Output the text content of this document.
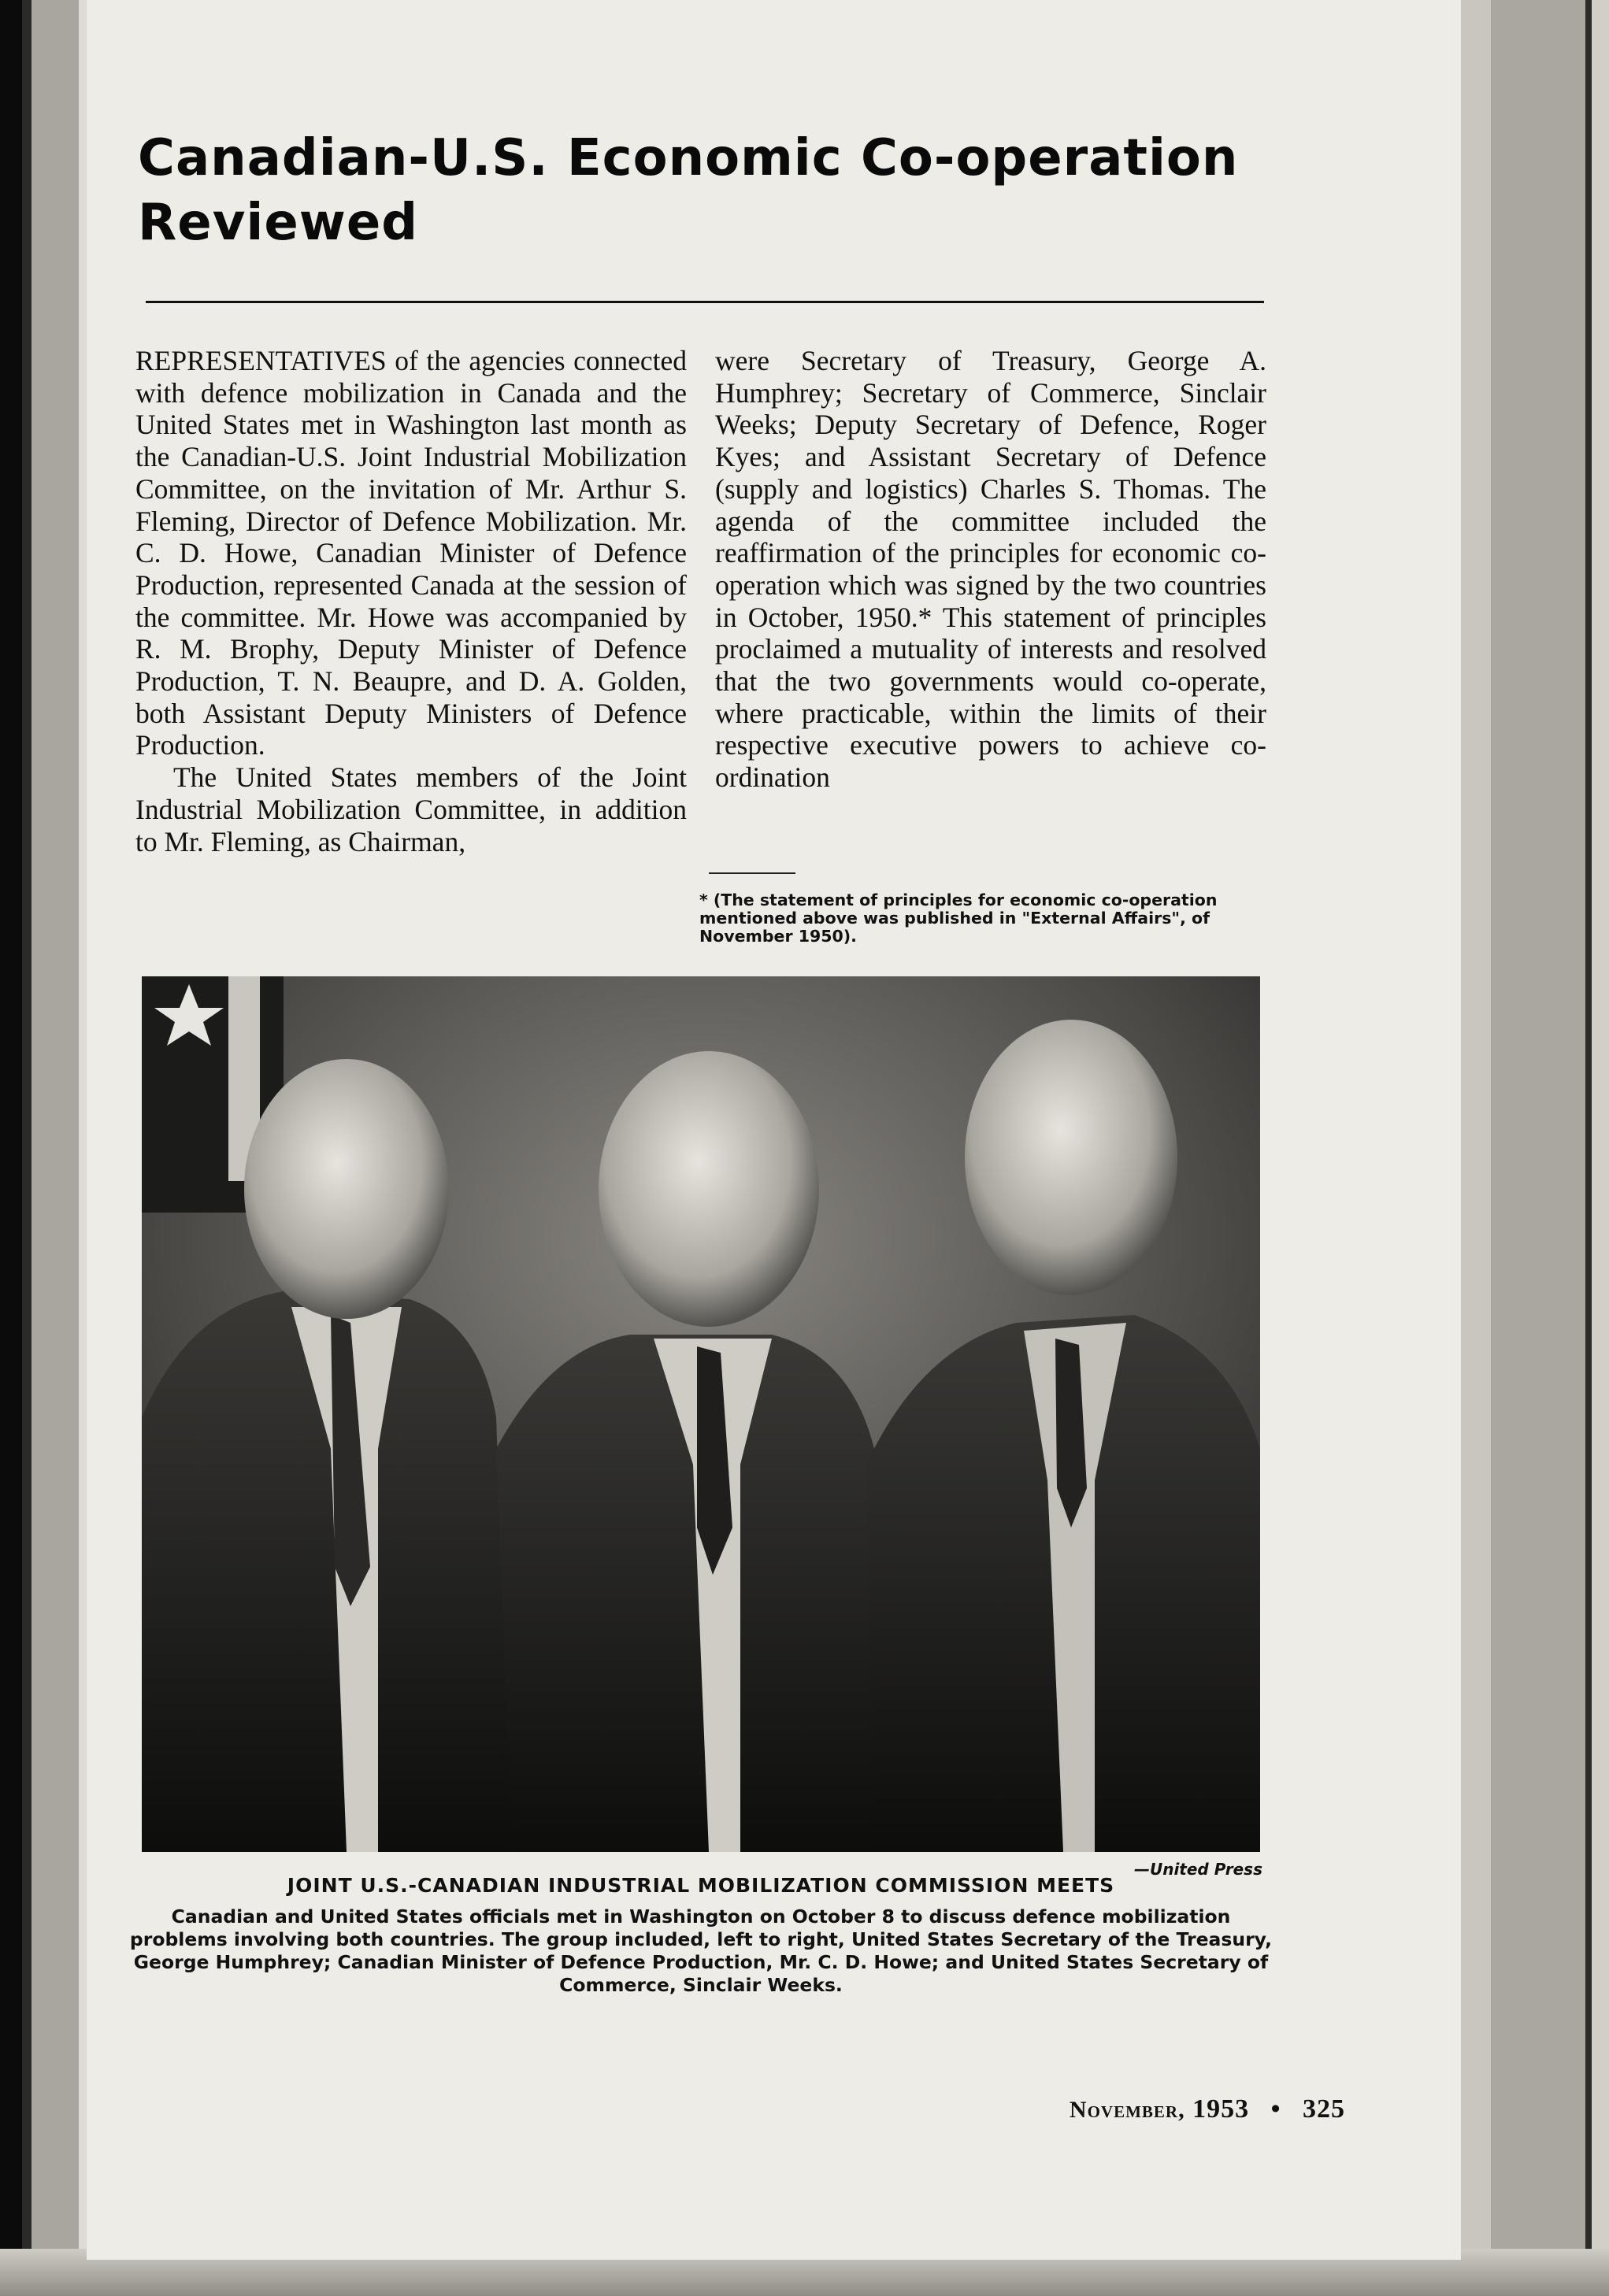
Canadian-U.S. Economic Co-operation Reviewed

REPRESENTATIVES of the agencies connected with defence mobilization in Canada and the United States met in Washington last month as the Canadian-U.S. Joint Industrial Mobilization Committee, on the invitation of Mr. Arthur S. Fleming, Director of Defence Mobilization. Mr. C. D. Howe, Canadian Minister of Defence Production, represented Canada at the session of the committee. Mr. Howe was accompanied by R. M. Brophy, Deputy Minister of Defence Production, T. N. Beaupre, and D. A. Golden, both Assistant Deputy Ministers of Defence Production.

The United States members of the Joint Industrial Mobilization Committee, in addition to Mr. Fleming, as Chairman,

were Secretary of Treasury, George A. Humphrey; Secretary of Commerce, Sinclair Weeks; Deputy Secretary of Defence, Roger Kyes; and Assistant Secretary of Defence (supply and logistics) Charles S. Thomas. The agenda of the committee included the reaffirmation of the principles for economic co-operation which was signed by the two countries in October, 1950.* This statement of principles proclaimed a mutuality of interests and resolved that the two governments would co-operate, where practicable, within the limits of their respective executive powers to achieve co-ordination

* (The statement of principles for economic co-operation mentioned above was published in "External Affairs", of November 1950).

—United Press
JOINT U.S.-CANADIAN INDUSTRIAL MOBILIZATION COMMISSION MEETS

Canadian and United States officials met in Washington on October 8 to discuss defence mobilization problems involving both countries. The group included, left to right, United States Secretary of the Treasury, George Humphrey; Canadian Minister of Defence Production, Mr. C. D. Howe; and United States Secretary of Commerce, Sinclair Weeks.

November, 1953 • 325
